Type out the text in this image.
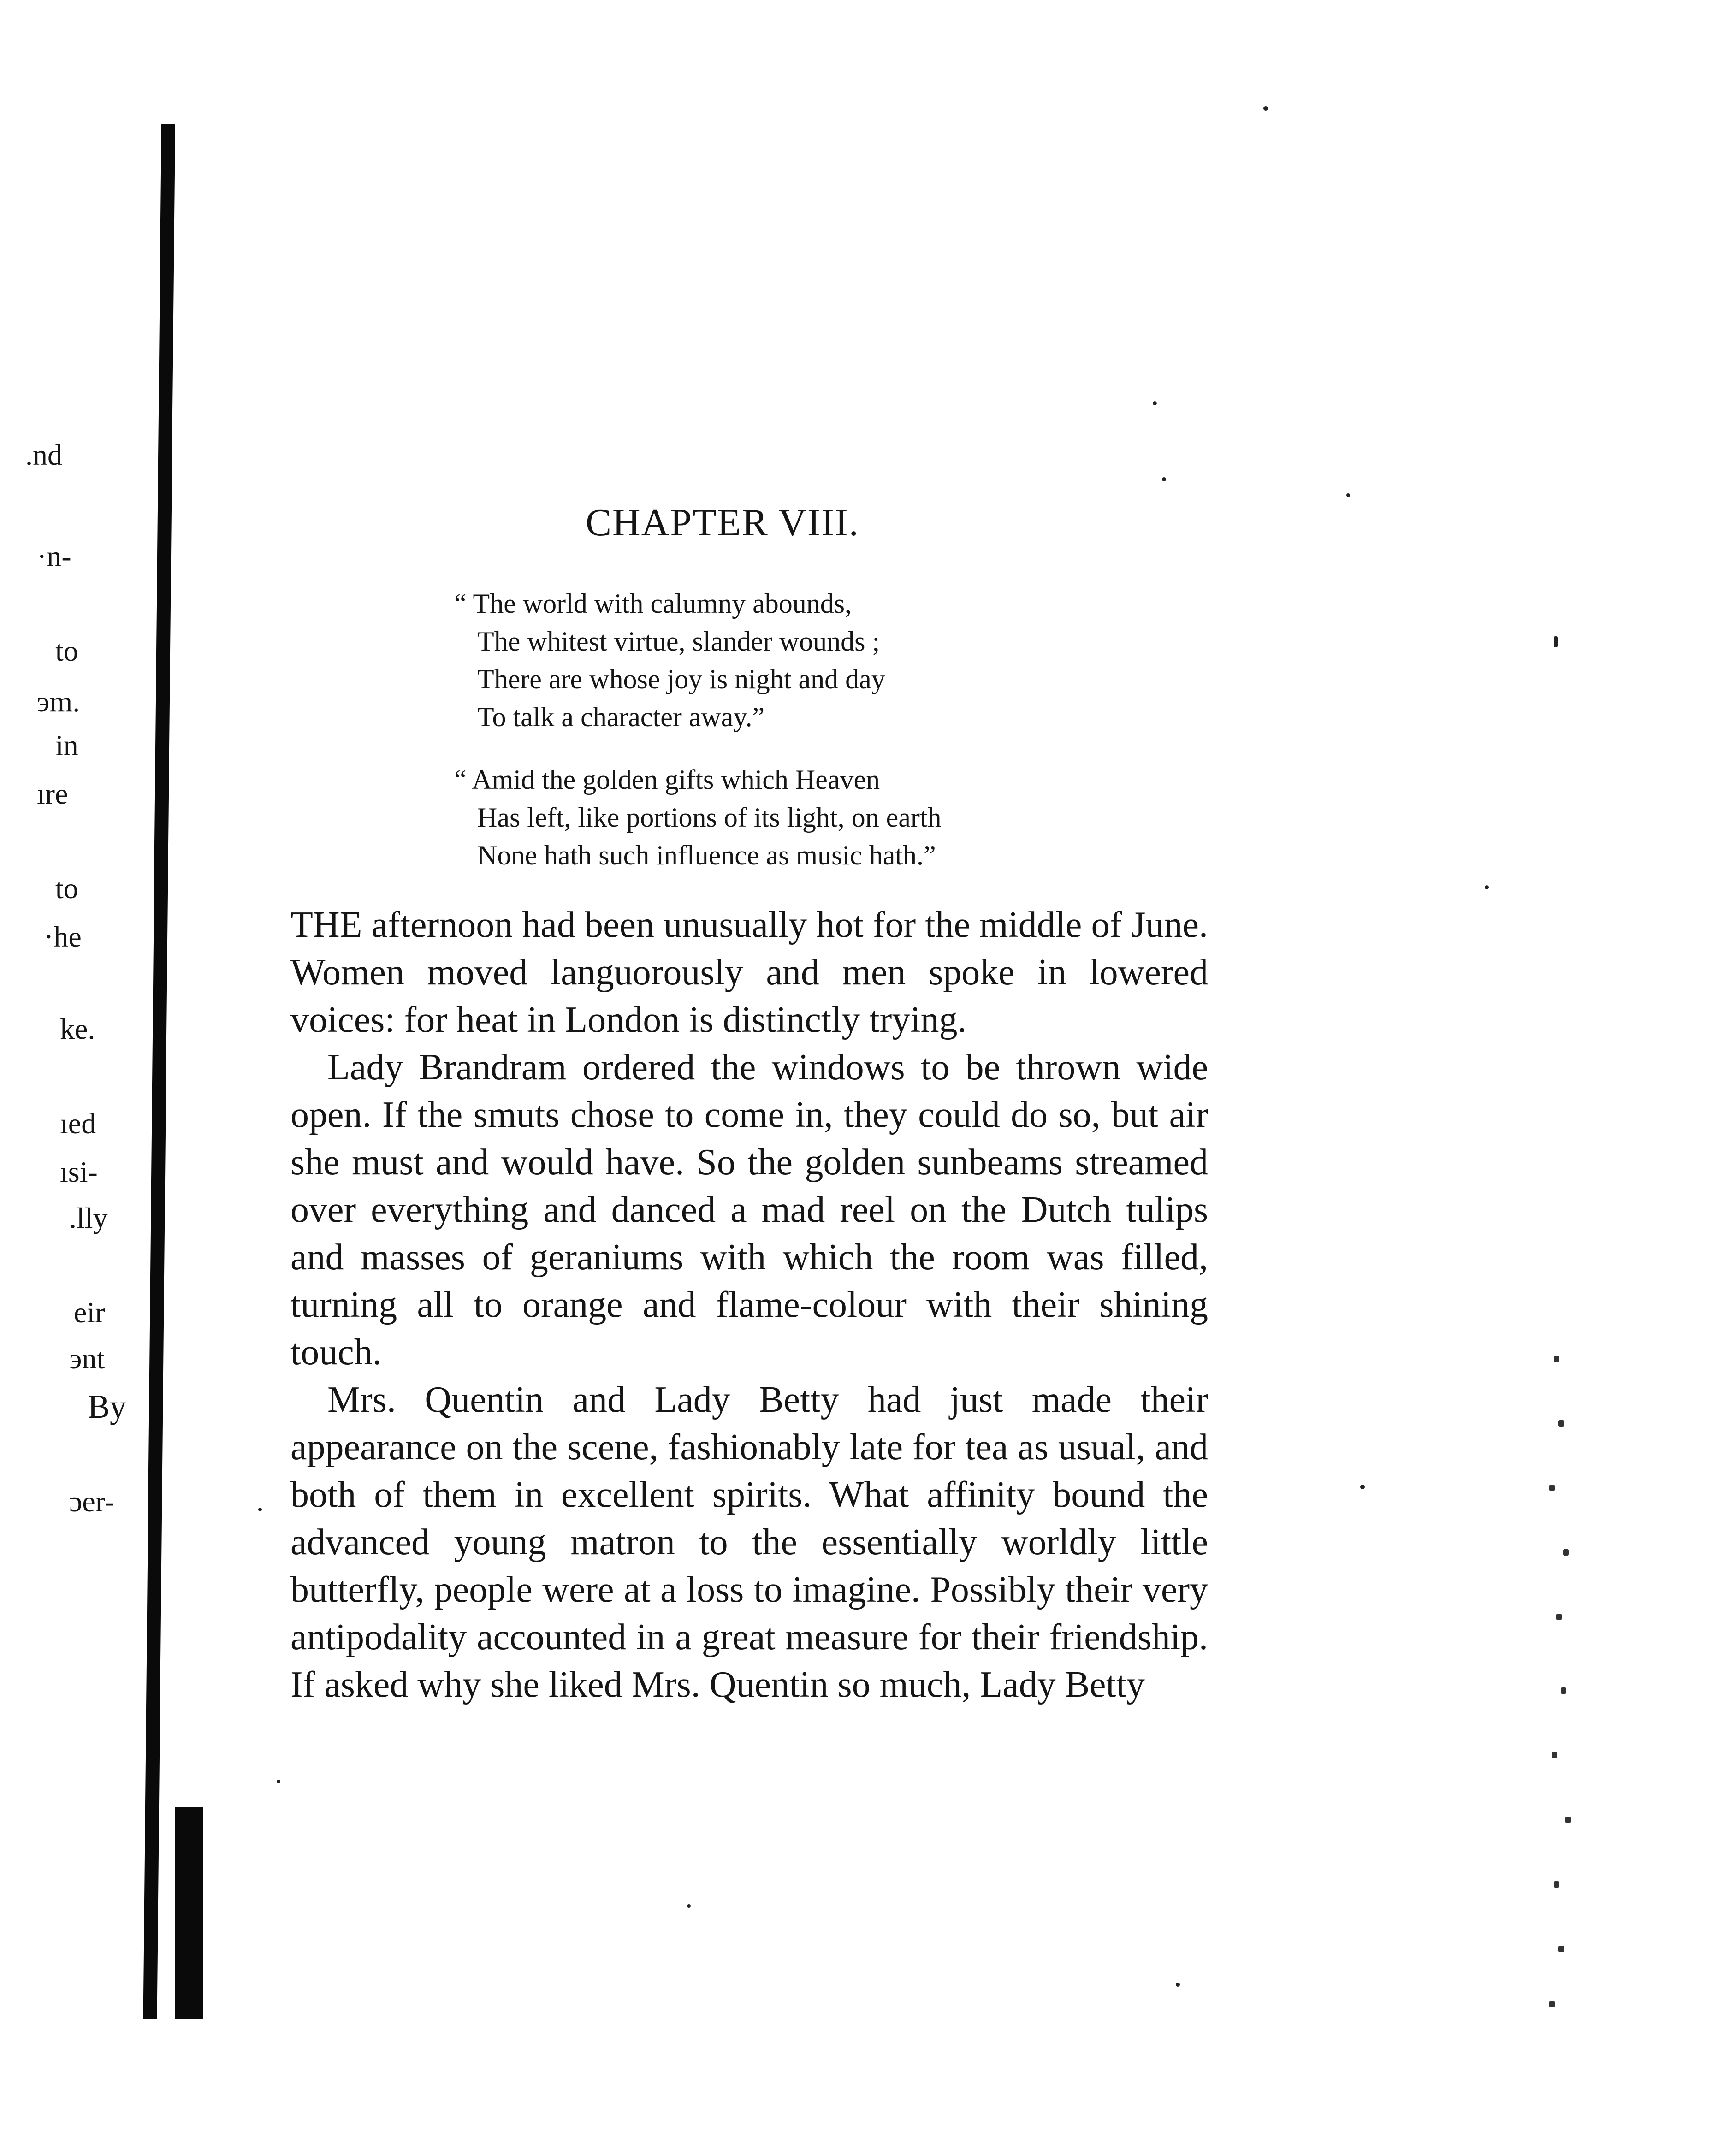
.nd
·n-
to
эm.
in
ıre
to
·he
ke.
ıed
ısi-
.lly
eir
эnt
By
ɔer-
CHAPTER VIII.
“ The world with calumny abounds,
The whitest virtue, slander wounds ;
There are whose joy is night and day
To talk a character away.”
“ Amid the golden gifts which Heaven
Has left, like portions of its light, on earth
None hath such influence as music hath.”

THE afternoon had been unusually hot for the middle of June. Women moved languorously and men spoke in lowered voices: for heat in London is distinctly trying.

Lady Brandram ordered the windows to be thrown wide open. If the smuts chose to come in, they could do so, but air she must and would have. So the golden sunbeams streamed over everything and danced a mad reel on the Dutch tulips and masses of geraniums with which the room was filled, turning all to orange and flame-colour with their shining touch.

Mrs. Quentin and Lady Betty had just made their appearance on the scene, fashionably late for tea as usual, and both of them in excellent spirits. What affinity bound the advanced young matron to the essentially worldly little butterfly, people were at a loss to imagine. Possibly their very antipodality accounted in a great measure for their friendship. If asked why she liked Mrs. Quentin so much, Lady Betty
